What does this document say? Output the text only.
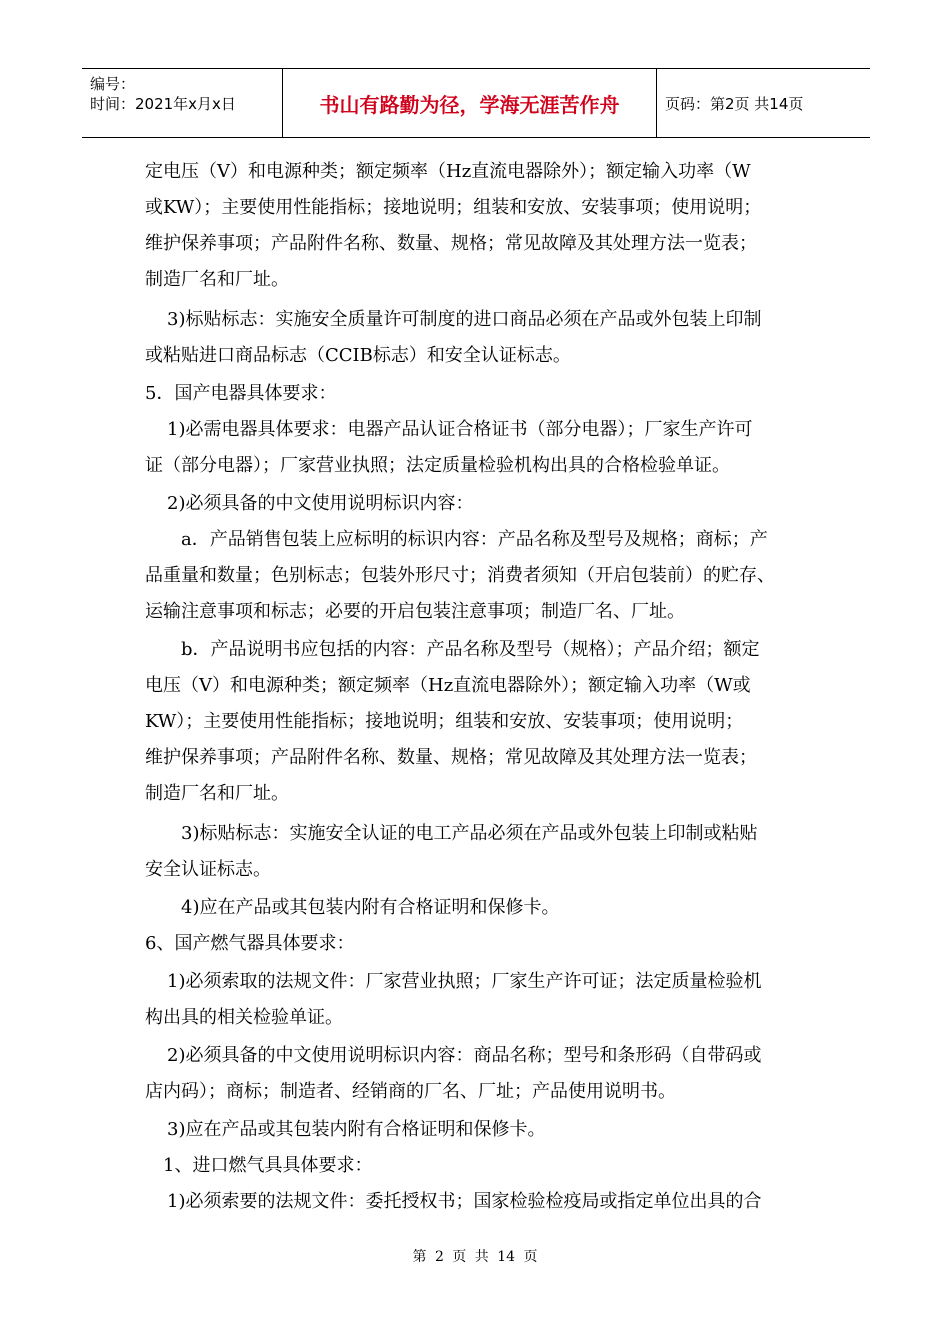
编号：
时间：2021年x月x日	书山有路勤为径，学海无涯苦作舟	页码：第2页 共14页
定电压（V）和电源种类；额定频率（Hz直流电器除外）；额定输入功率（W
或KW）；主要使用性能指标；接地说明；组装和安放、安装事项；使用说明；
维护保养事项；产品附件名称、数量、规格；常见故障及其处理方法一览表；
制造厂名和厂址。
3)标贴标志：实施安全质量许可制度的进口商品必须在产品或外包装上印制
或粘贴进口商品标志（CCIB标志）和安全认证标志。
5．国产电器具体要求：
1)必需电器具体要求：电器产品认证合格证书（部分电器）；厂家生产许可
证（部分电器）；厂家营业执照；法定质量检验机构出具的合格检验单证。
2)必须具备的中文使用说明标识内容：
a．产品销售包装上应标明的标识内容：产品名称及型号及规格；商标；产
品重量和数量；色别标志；包装外形尺寸；消费者须知（开启包装前）的贮存、
运输注意事项和标志；必要的开启包装注意事项；制造厂名、厂址。
b．产品说明书应包括的内容：产品名称及型号（规格）；产品介绍；额定
电压（V）和电源种类；额定频率（Hz直流电器除外）；额定输入功率（W或
KW）；主要使用性能指标；接地说明；组装和安放、安装事项；使用说明；
维护保养事项；产品附件名称、数量、规格；常见故障及其处理方法一览表；
制造厂名和厂址。
3)标贴标志：实施安全认证的电工产品必须在产品或外包装上印制或粘贴
安全认证标志。
4)应在产品或其包装内附有合格证明和保修卡。
6、国产燃气器具体要求：
1)必须索取的法规文件：厂家营业执照；厂家生产许可证；法定质量检验机
构出具的相关检验单证。
2)必须具备的中文使用说明标识内容：商品名称；型号和条形码（自带码或
店内码）；商标；制造者、经销商的厂名、厂址；产品使用说明书。
3)应在产品或其包装内附有合格证明和保修卡。
1、进口燃气具具体要求：
1)必须索要的法规文件：委托授权书；国家检验检疫局或指定单位出具的合
第 2 页 共 14 页
